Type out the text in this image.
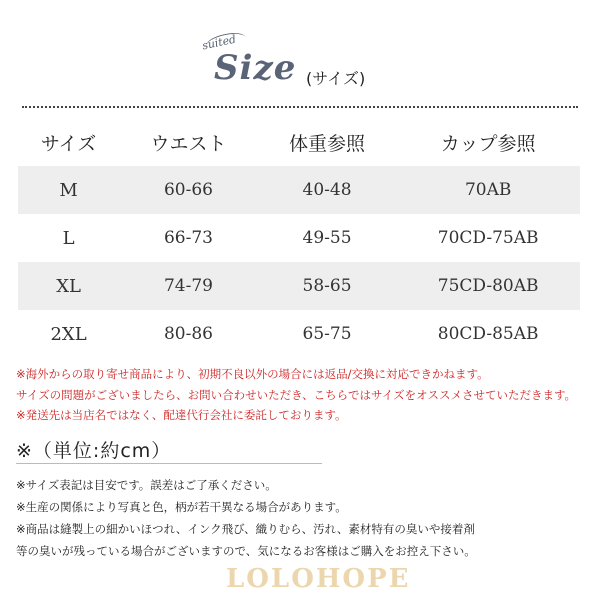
suited
Size (サイズ)
サイズ	ウエスト	体重参照	カップ参照
M	60-66	40-48	70AB
L	66-73	49-55	70CD-75AB
XL	74-79	58-65	75CD-80AB
2XL	80-86	65-75	80CD-85AB
※海外からの取り寄せ商品により、初期不良以外の場合には返品/交換に対応できかねます。
サイズの問題がございましたら、お問い合わせいただき、こちらではサイズをオススメさせていただきます。
※発送先は当店名ではなく、配達代行会社に委託しております。
※（単位:約cm）
※サイズ表記は目安です。誤差はご了承ください。
※生産の関係により写真と色，柄が若干異なる場合があります。
※商品は縫製上の細かいほつれ、インク飛び、織りむら、汚れ、素材特有の臭いや接着剤
等の臭いが残っている場合がございますので、気になるお客様はご購入をお控え下さい。
LOLOHOPE
